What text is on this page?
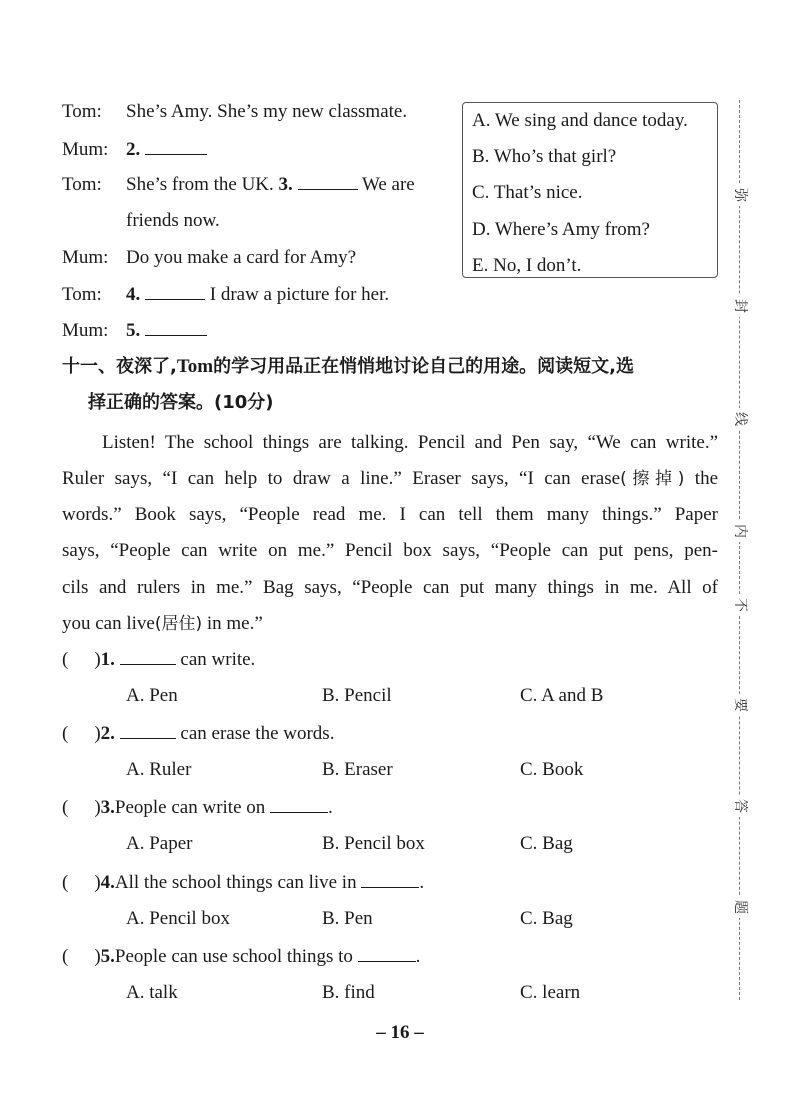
Tom: She’s Amy. She’s my new classmate.
Mum: 2.
Tom: She’s from the UK. 3.	We are
friends now.
Mum: Do you make a card for Amy?
Tom: 4.	I draw a picture for her.
Mum: 5.
A. We sing and dance today.
B. Who’s that girl?
C. That’s nice.
D. Where’s Amy from?
E. No, I don’t.
十一、夜深了,Tom的学习用品正在悄悄地讨论自己的用途。阅读短文,选
择正确的答案。(10分)
Listen! The school things are talking. Pencil and Pen say, “We can write.”
Ruler says, “I can help to draw a line.” Eraser says, “I can erase(擦掉) the
words.” Book says, “People read me. I can tell them many things.” Paper
says, “People can write on me.” Pencil box says, “People can put pens, pen-
cils and rulers in me.” Bag says, “People can put many things in me. All of
you can live(居住) in me.”
( )1.	can write.
A. Pen	B. Pencil	C. A and B
( )2.	can erase the words.
A. Ruler	B. Eraser	C. Book
( )3.People can write on	.
A. Paper	B. Pencil box	C. Bag
( )4.All the school things can live in	.
A. Pencil box	B. Pen	C. Bag
( )5.People can use school things to	.
A. talk	B. find	C. learn
弥
封
线
内
不
要
答
题
– 16 –
